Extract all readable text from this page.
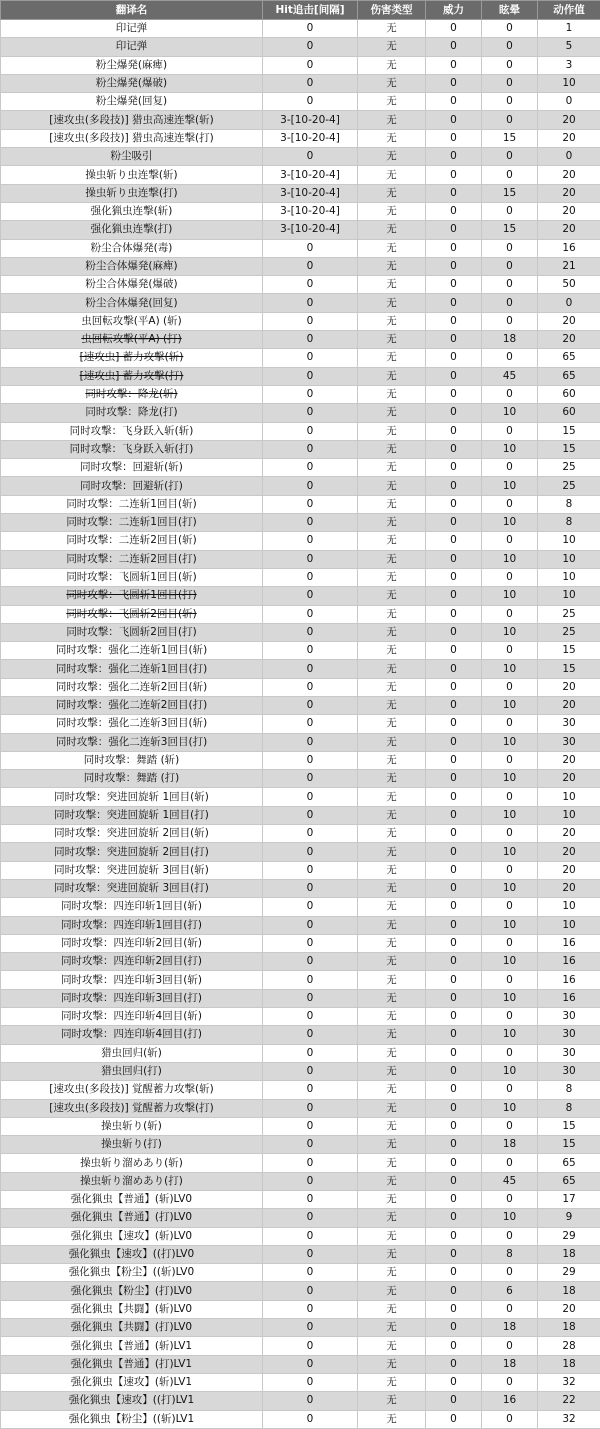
翻译名	Hit追击[间隔]	伤害类型	威力	眩晕	动作值
印记弹	0	无	0	0	1
印记弹	0	无	0	0	5
粉尘爆発(麻痺)	0	无	0	0	3
粉尘爆発(爆破)	0	无	0	0	10
粉尘爆発(回复)	0	无	0	0	0
[速攻虫(多段技)] 猎虫高速连撃(斩)	3-[10-20-4]	无	0	0	20
[速攻虫(多段技)] 猎虫高速连撃(打)	3-[10-20-4]	无	0	15	20
粉尘吸引	0	无	0	0	0
操虫斩り虫连撃(斩)	3-[10-20-4]	无	0	0	20
操虫斩り虫连撃(打)	3-[10-20-4]	无	0	15	20
强化猟虫连撃(斩)	3-[10-20-4]	无	0	0	20
强化猟虫连撃(打)	3-[10-20-4]	无	0	15	20
粉尘合体爆発(毒)	0	无	0	0	16
粉尘合体爆発(麻痺)	0	无	0	0	21
粉尘合体爆発(爆破)	0	无	0	0	50
粉尘合体爆発(回复)	0	无	0	0	0
虫回転攻撃(平A) (斩)	0	无	0	0	20
虫回転攻撃(平A) (打)	0	无	0	18	20
[速攻虫] 蓄力攻撃(斩)	0	无	0	0	65
[速攻虫] 蓄力攻撃(打)	0	无	0	45	65
同时攻撃：降龙(斩)	0	无	0	0	60
同时攻撃：降龙(打)	0	无	0	10	60
同时攻撃：飞身跃入斩(斩)	0	无	0	0	15
同时攻撃：飞身跃入斩(打)	0	无	0	10	15
同时攻撃：回避斩(斩)	0	无	0	0	25
同时攻撃：回避斩(打)	0	无	0	10	25
同时攻撃：二连斩1回目(斩)	0	无	0	0	8
同时攻撃：二连斩1回目(打)	0	无	0	10	8
同时攻撃：二连斩2回目(斩)	0	无	0	0	10
同时攻撃：二连斩2回目(打)	0	无	0	10	10
同时攻撃：飞圆斩1回目(斩)	0	无	0	0	10
同时攻撃：飞圆斩1回目(打)	0	无	0	10	10
同时攻撃：飞圆斩2回目(斩)	0	无	0	0	25
同时攻撃：飞圆斩2回目(打)	0	无	0	10	25
同时攻撃：强化二连斩1回目(斩)	0	无	0	0	15
同时攻撃：强化二连斩1回目(打)	0	无	0	10	15
同时攻撃：强化二连斩2回目(斩)	0	无	0	0	20
同时攻撃：强化二连斩2回目(打)	0	无	0	10	20
同时攻撃：强化二连斩3回目(斩)	0	无	0	0	30
同时攻撃：强化二连斩3回目(打)	0	无	0	10	30
同时攻撃：舞踏 (斩)	0	无	0	0	20
同时攻撃：舞踏 (打)	0	无	0	10	20
同时攻撃：突进回旋斩 1回目(斩)	0	无	0	0	10
同时攻撃：突进回旋斩 1回目(打)	0	无	0	10	10
同时攻撃：突进回旋斩 2回目(斩)	0	无	0	0	20
同时攻撃：突进回旋斩 2回目(打)	0	无	0	10	20
同时攻撃：突进回旋斩 3回目(斩)	0	无	0	0	20
同时攻撃：突进回旋斩 3回目(打)	0	无	0	10	20
同时攻撃：四连印斩1回目(斩)	0	无	0	0	10
同时攻撃：四连印斩1回目(打)	0	无	0	10	10
同时攻撃：四连印斩2回目(斩)	0	无	0	0	16
同时攻撃：四连印斩2回目(打)	0	无	0	10	16
同时攻撃：四连印斩3回目(斩)	0	无	0	0	16
同时攻撃：四连印斩3回目(打)	0	无	0	10	16
同时攻撃：四连印斩4回目(斩)	0	无	0	0	30
同时攻撃：四连印斩4回目(打)	0	无	0	10	30
猎虫回归(斩)	0	无	0	0	30
猎虫回归(打)	0	无	0	10	30
[速攻虫(多段技)] 覚醒蓄力攻撃(斩)	0	无	0	0	8
[速攻虫(多段技)] 覚醒蓄力攻撃(打)	0	无	0	10	8
操虫斩り(斩)	0	无	0	0	15
操虫斩り(打)	0	无	0	18	15
操虫斩り溜めあり(斩)	0	无	0	0	65
操虫斩り溜めあり(打)	0	无	0	45	65
强化猟虫【普通】(斩)LV0	0	无	0	0	17
强化猟虫【普通】(打)LV0	0	无	0	10	9
强化猟虫【速攻】(斩)LV0	0	无	0	0	29
强化猟虫【速攻】((打)LV0	0	无	0	8	18
强化猟虫【粉尘】((斩)LV0	0	无	0	0	29
强化猟虫【粉尘】(打)LV0	0	无	0	6	18
强化猟虫【共闘】(斩)LV0	0	无	0	0	20
强化猟虫【共闘】(打)LV0	0	无	0	18	18
强化猟虫【普通】(斩)LV1	0	无	0	0	28
强化猟虫【普通】(打)LV1	0	无	0	18	18
强化猟虫【速攻】(斩)LV1	0	无	0	0	32
强化猟虫【速攻】((打)LV1	0	无	0	16	22
强化猟虫【粉尘】((斩)LV1	0	无	0	0	32
